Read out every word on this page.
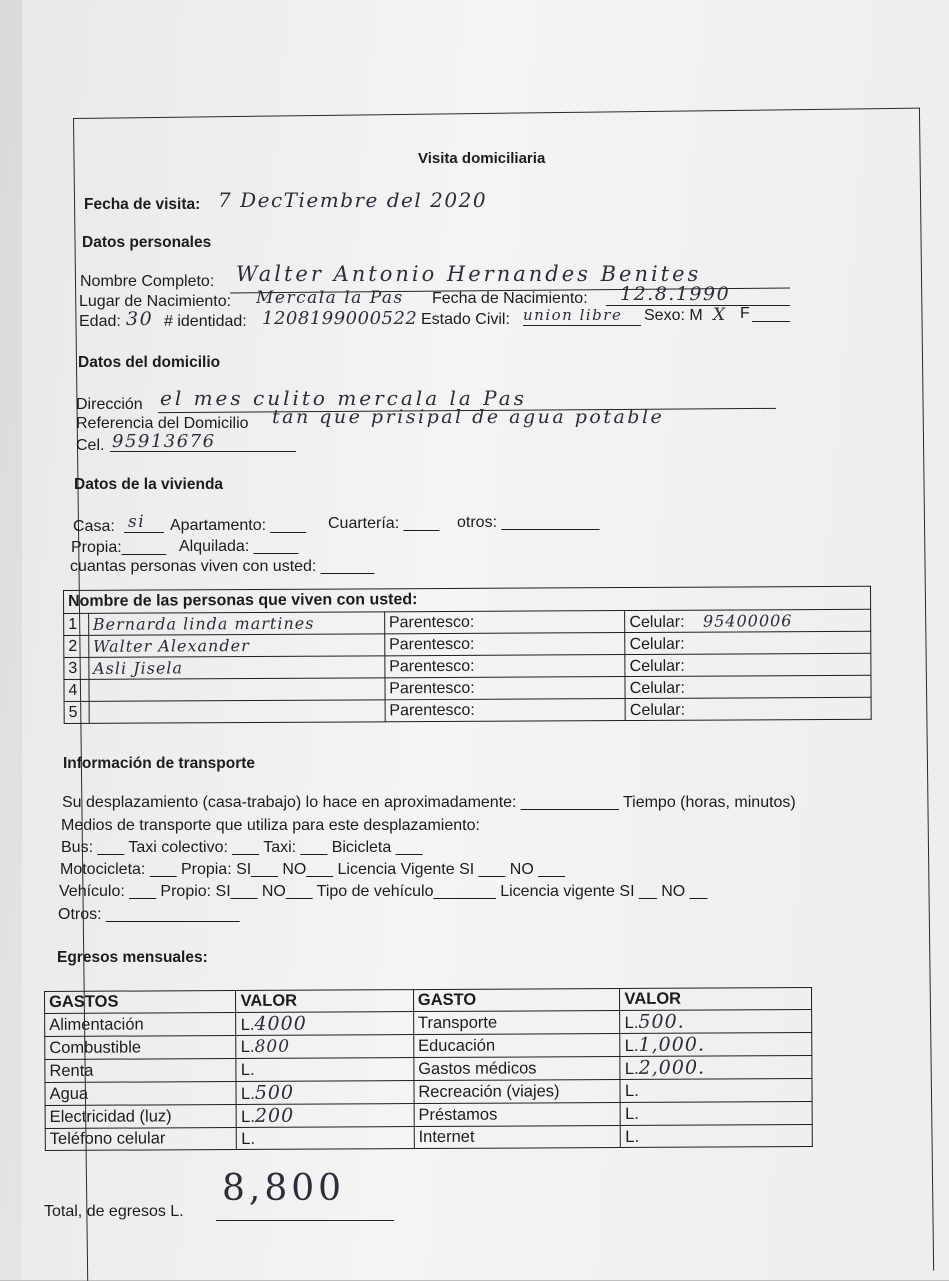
Visita domiciliaria
Fecha de visita: 7 DecTiembre del 2020
Datos personales
Nombre Completo: Walter Antonio Hernandes Benites
Lugar de Nacimiento: Mercala la Pas Fecha de Nacimiento: 12.8.1990
Edad: 30 # identidad: 1208199000522 Estado Civil: union libre Sexo: M X F
Datos del domicilio
Dirección el mes culito mercala la Pas
Referencia del Domicilio tan que prisipal de agua potable
Cel. 95913676
Datos de la vivienda
Casa: si Apartamento: ____ Cuartería: ____ otros: ___________
Propia:_____ Alquilada: _____
cuantas personas viven con usted: ______
Nombre de las personas que viven con usted:			
1	Bernarda linda martines	Parentesco:	Celular: 95400006
2	Walter Alexander	Parentesco:	Celular:
3	Asli Jisela	Parentesco:	Celular:
4		Parentesco:	Celular:
5		Parentesco:	Celular:
Información de transporte
Su desplazamiento (casa-trabajo) lo hace en aproximadamente: ___________ Tiempo (horas, minutos)
Medios de transporte que utiliza para este desplazamiento:
Bus: ___ Taxi colectivo: ___ Taxi: ___ Bicicleta ___
Motocicleta: ___ Propia: SI___ NO___ Licencia Vigente SI ___ NO ___
Vehículo: ___ Propio: SI___ NO___ Tipo de vehículo_______ Licencia vigente SI __ NO __
Otros: _______________
Egresos mensuales:
GASTOS	VALOR	GASTO	VALOR
Alimentación	L.4000	Transporte	L.500.
Combustible	L.800	Educación	L.1,000.
Renta	L.	Gastos médicos	L.2,000.
Agua	L.500	Recreación (viajes)	L.
Electricidad (luz)	L.200	Préstamos	L.
Teléfono celular	L.	Internet	L.
Total, de egresos L.
8,800
